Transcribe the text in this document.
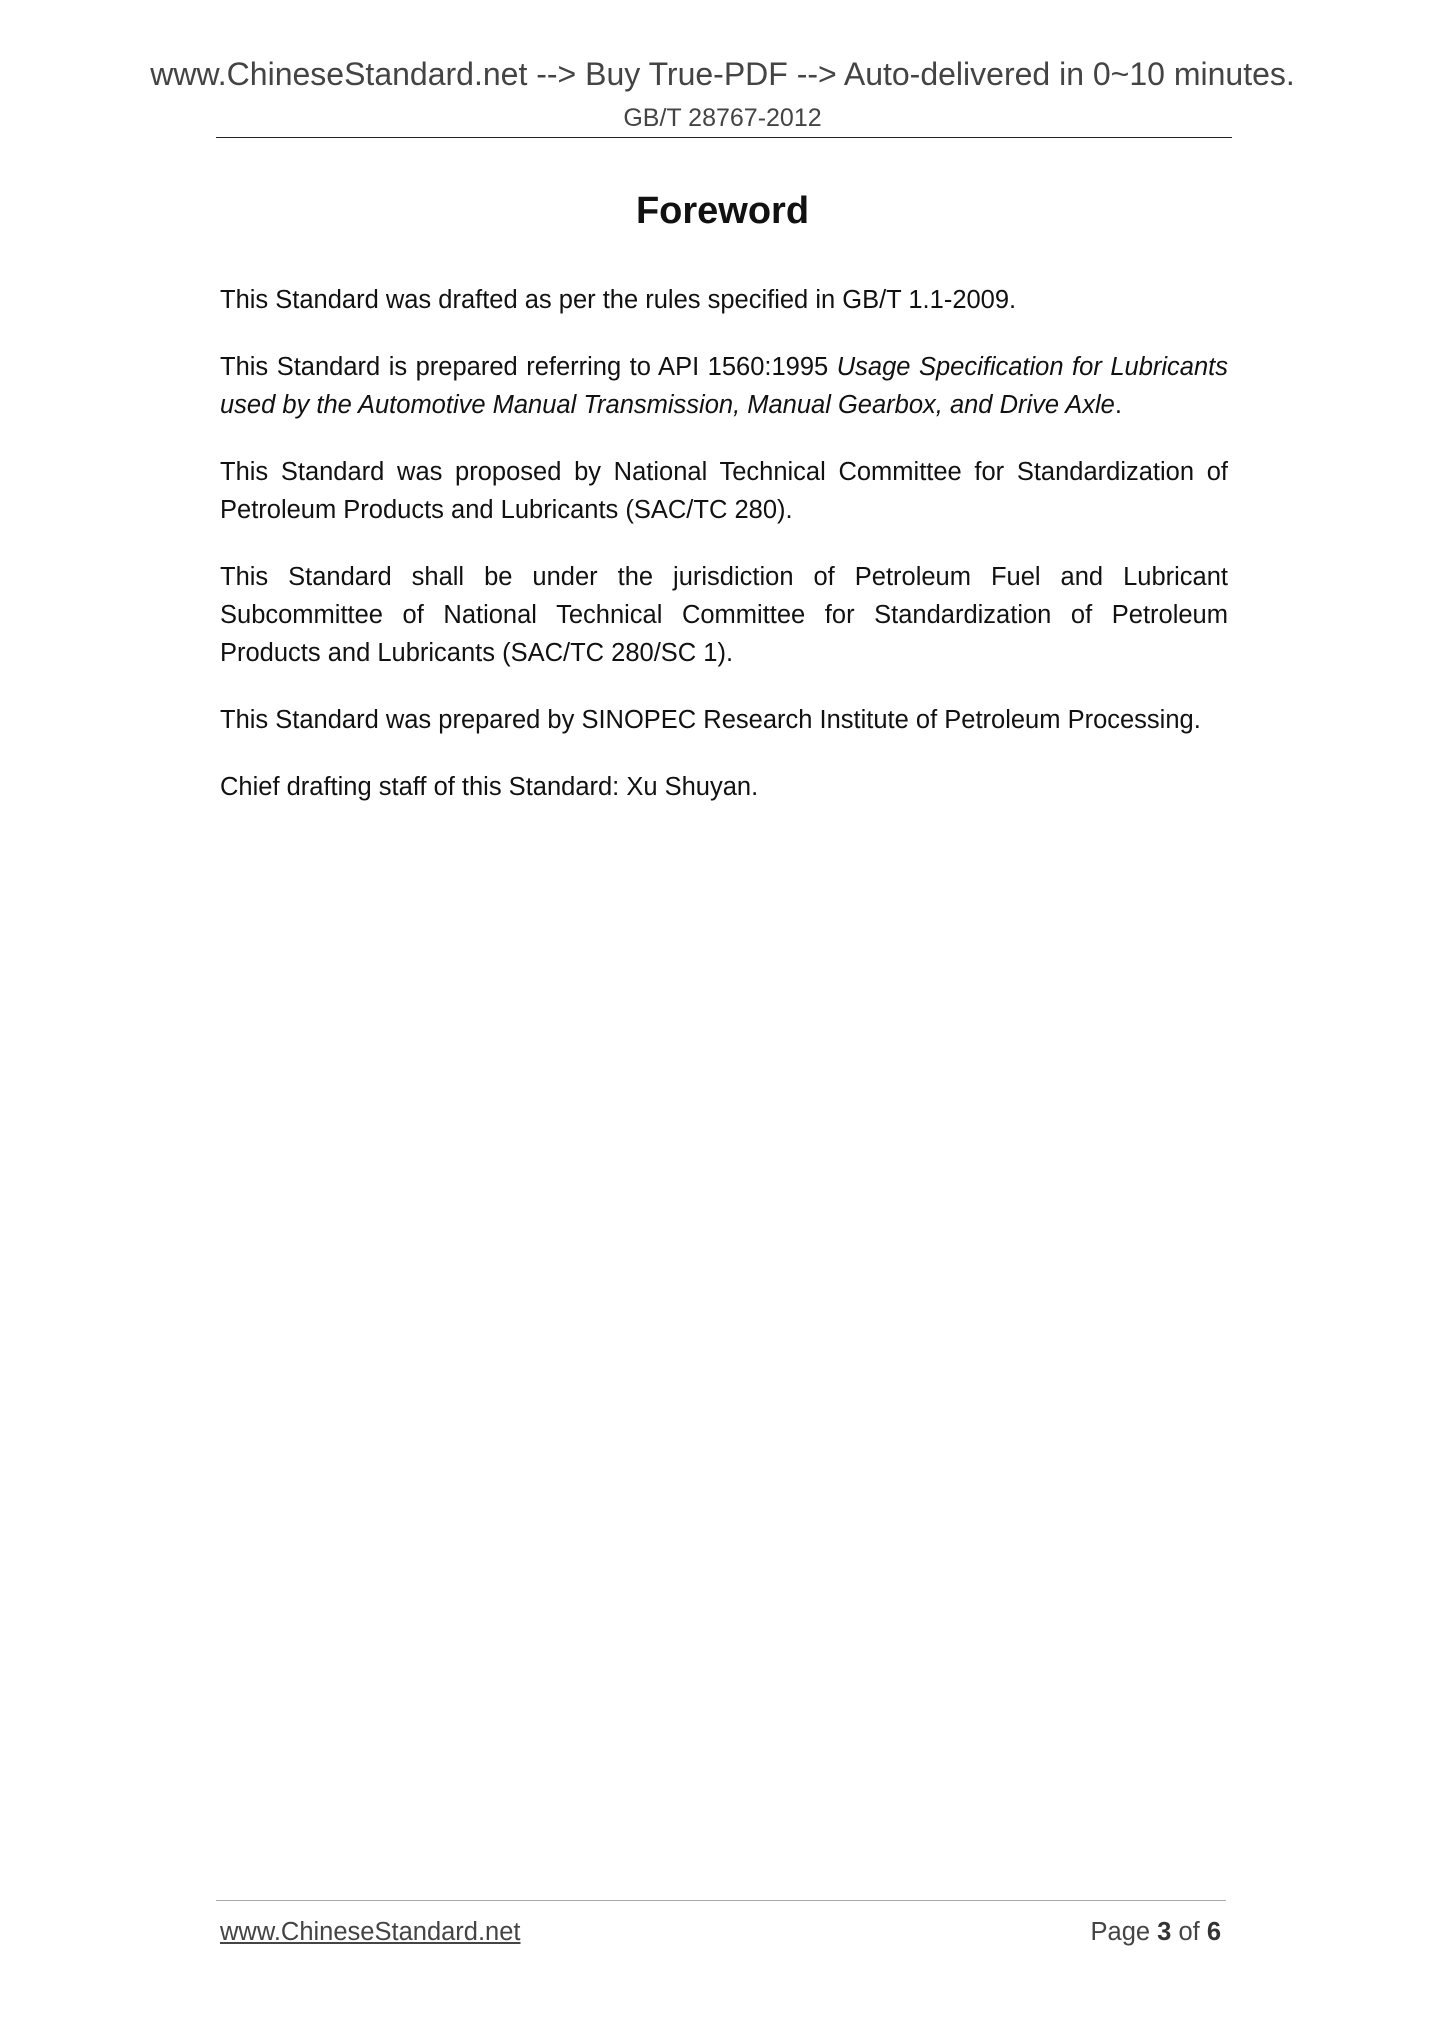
www.ChineseStandard.net --> Buy True-PDF --> Auto-delivered in 0~10 minutes.
GB/T 28767-2012
Foreword

This Standard was drafted as per the rules specified in GB/T 1.1-2009.

This Standard is prepared referring to API 1560:1995 Usage Specification for Lubricants used by the Automotive Manual Transmission, Manual Gearbox, and Drive Axle.

This Standard was proposed by National Technical Committee for Standardization of Petroleum Products and Lubricants (SAC/TC 280).

This Standard shall be under the jurisdiction of Petroleum Fuel and Lubricant Subcommittee of National Technical Committee for Standardization of Petroleum Products and Lubricants (SAC/TC 280/SC 1).

This Standard was prepared by SINOPEC Research Institute of Petroleum Processing.

Chief drafting staff of this Standard: Xu Shuyan.

www.ChineseStandard.net	Page 3 of 6
